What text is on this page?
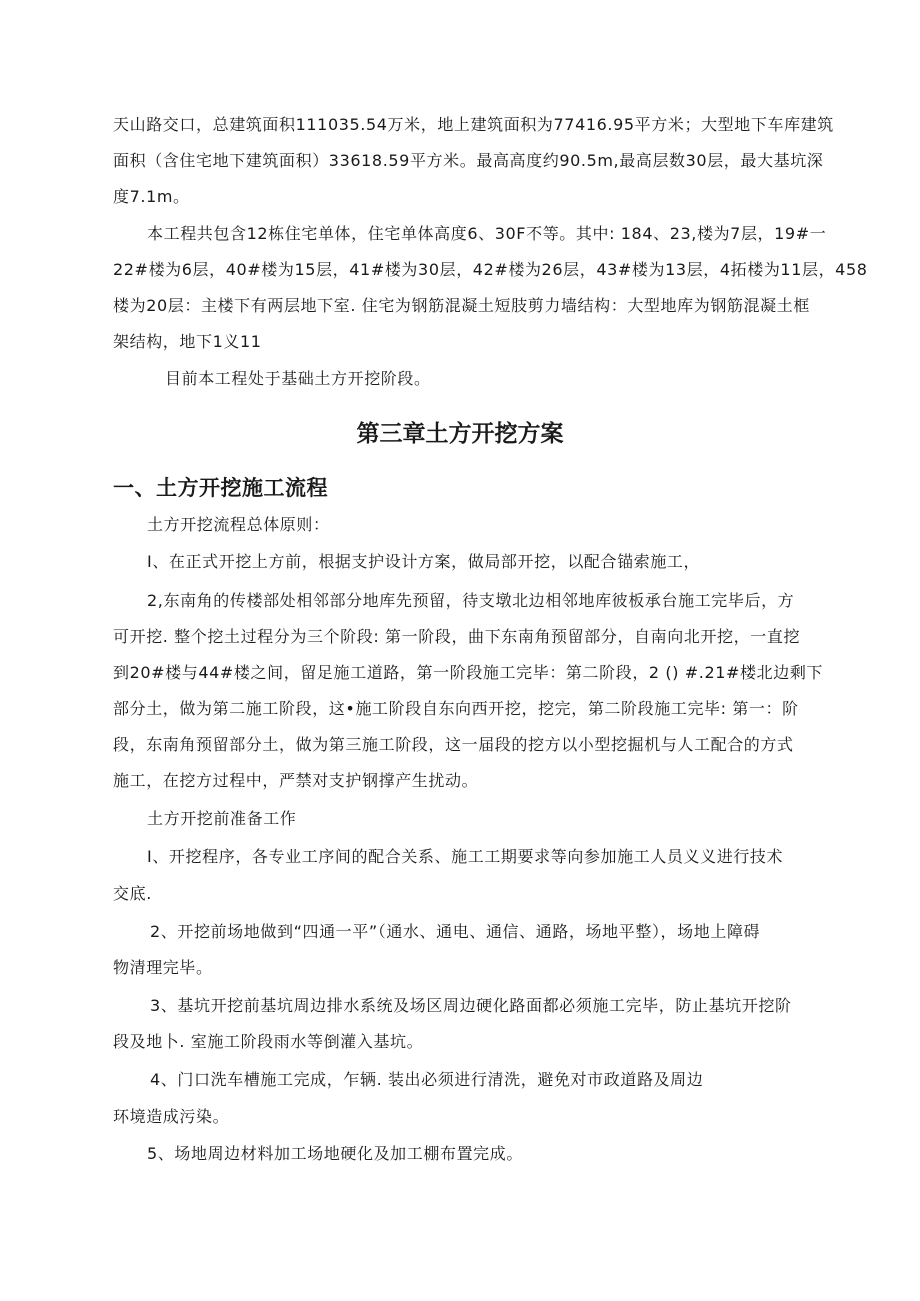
天山路交口，总建筑面积111035.54万米，地上建筑面积为77416.95平方米；大型地下车库建筑
面积（含住宅地下建筑面积）33618.59平方米。最高高度约90.5m,最高层数30层，最大基坑深
度7.1m。
本工程共包含12栋住宅单体，住宅单体高度6、30F不等。其中: 184、23,楼为7层，19#一
22#楼为6层，40#楼为15层，41#楼为30层，42#楼为26层，43#楼为13层，4拓楼为11层，458
楼为20层：主楼下有两层地下室. 住宅为钢筋混凝土短肢剪力墙结构：大型地库为钢筋混凝土框
架结构，地下1义11
目前本工程处于基础土方开挖阶段。
第三章土方开挖方案
一、土方开挖施工流程
土方开挖流程总体原则：
I、在正式开挖上方前，根据支护设计方案，做局部开挖，以配合锚索施工，
2,东南角的传楼部处相邻部分地库先预留，待支墩北边相邻地库彼板承台施工完毕后，方
可开挖. 整个挖土过程分为三个阶段: 第一阶段，曲下东南角预留部分，自南向北开挖，一直挖
到20#楼与44#楼之间，留足施工道路，第一阶段施工完毕：第二阶段，2 () #.21#楼北边剩下
部分土，做为第二施工阶段，这•施工阶段自东向西开挖，挖完，第二阶段施工完毕: 第一：阶
段，东南角预留部分土，做为第三施工阶段，这一届段的挖方以小型挖掘机与人工配合的方式
施工，在挖方过程中，严禁对支护钢撑产生扰动。
土方开挖前准备工作
I、开挖程序，各专业工序间的配合关系、施工工期要求等向参加施工人员义义进行技术
交底.
2、开挖前场地做到“四通一平”（通水、通电、通信、通路，场地平整），场地上障碍
物清理完毕。
3、基坑开挖前基坑周边排水系统及场区周边硬化路面都必须施工完毕，防止基坑开挖阶
段及地卜. 室施工阶段雨水等倒灌入基坑。
4、门口洗车槽施工完成，乍辆. 装出必须进行清洗，避免对市政道路及周边
环境造成污染。
5、场地周边材料加工场地硬化及加工棚布置完成。
